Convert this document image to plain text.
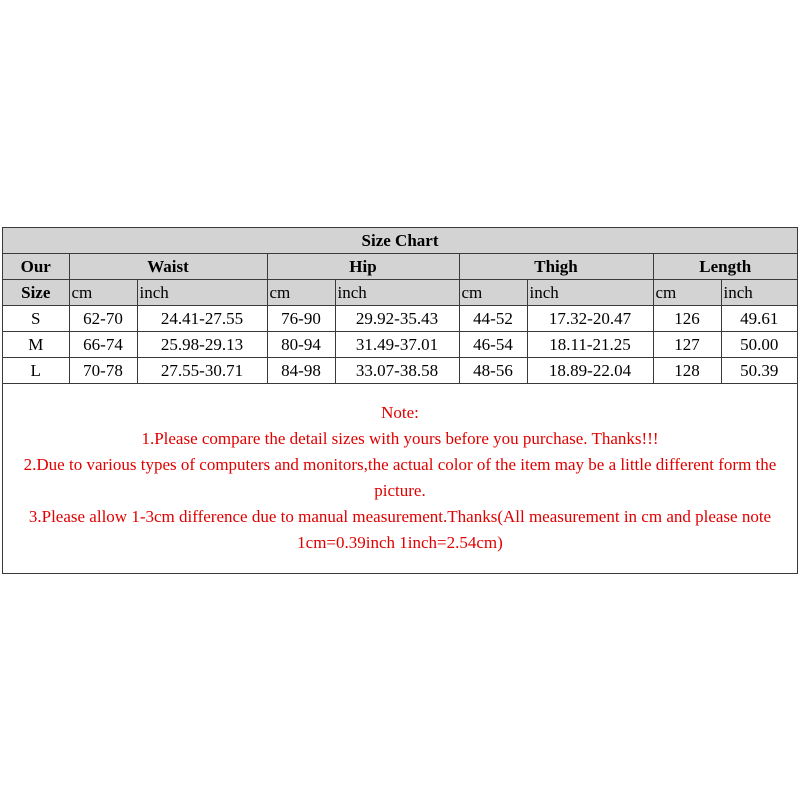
Size Chart								
Our	Waist		Hip		Thigh		Length	
Size	cm	inch	cm	inch	cm	inch	cm	inch
S	62-70	24.41-27.55	76-90	29.92-35.43	44-52	17.32-20.47	126	49.61
M	66-74	25.98-29.13	80-94	31.49-37.01	46-54	18.11-21.25	127	50.00
L	70-78	27.55-30.71	84-98	33.07-38.58	48-56	18.89-22.04	128	50.39

Note:

1.Please compare the detail sizes with yours before you purchase. Thanks!!!

2.Due to various types of computers and monitors,the actual color of the item may be a little different form the picture.

3.Please allow 1-3cm difference due to manual measurement.Thanks(All measurement in cm and please note 1cm=0.39inch 1inch=2.54cm)
